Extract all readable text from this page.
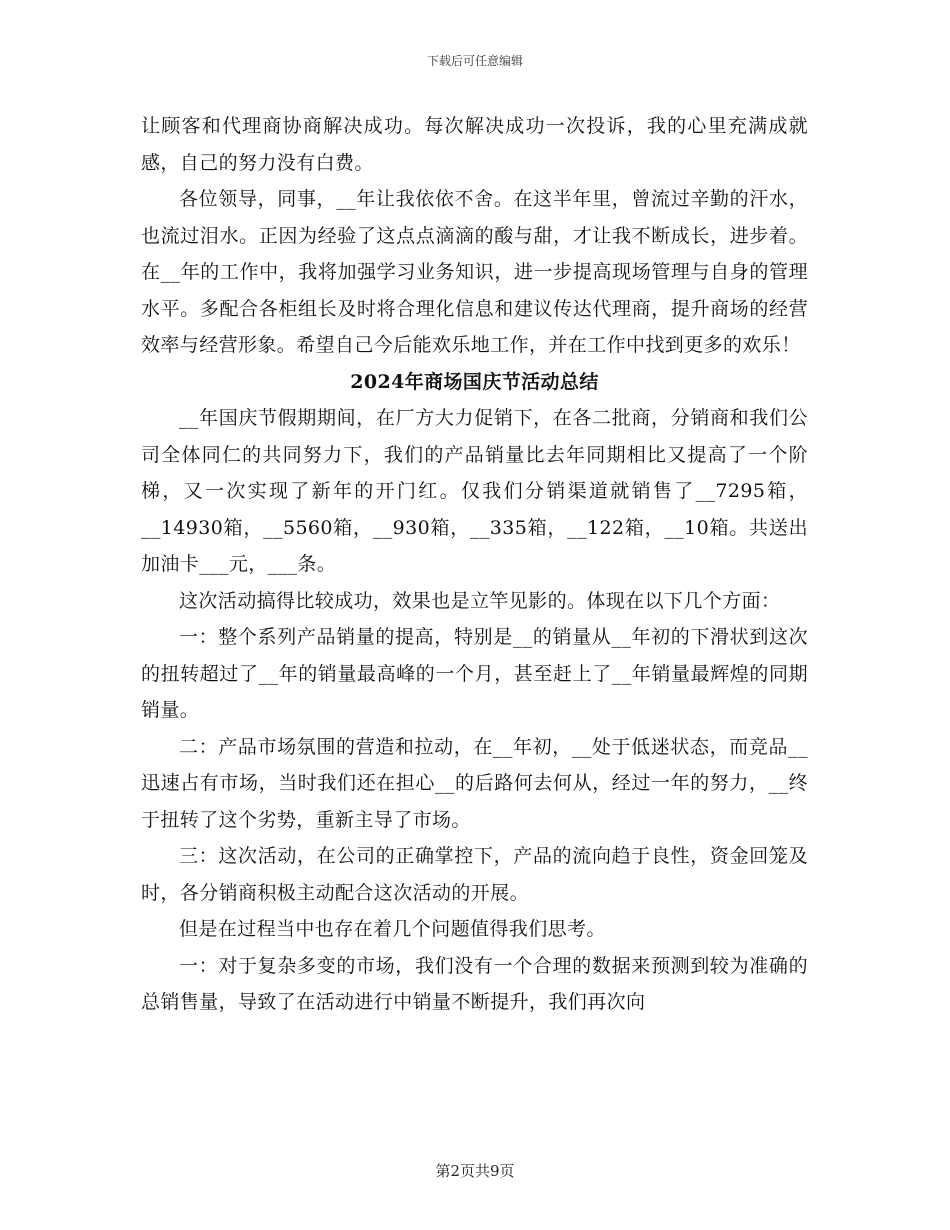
下载后可任意编辑

让顾客和代理商协商解决成功。每次解决成功一次投诉，我的心里充满成就感，自己的努力没有白费。

各位领导，同事，__年让我依依不舍。在这半年里，曾流过辛勤的汗水，也流过泪水。正因为经验了这点点滴滴的酸与甜，才让我不断成长，进步着。在__年的工作中，我将加强学习业务知识，进一步提高现场管理与自身的管理水平。多配合各柜组长及时将合理化信息和建议传达代理商，提升商场的经营效率与经营形象。希望自己今后能欢乐地工作，并在工作中找到更多的欢乐！

2024年商场国庆节活动总结

__年国庆节假期期间，在厂方大力促销下，在各二批商，分销商和我们公司全体同仁的共同努力下，我们的产品销量比去年同期相比又提高了一个阶梯，又一次实现了新年的开门红。仅我们分销渠道就销售了__7295箱，__14930箱，__5560箱，__930箱，__335箱，__122箱，__10箱。共送出加油卡___元，___条。

这次活动搞得比较成功，效果也是立竿见影的。体现在以下几个方面：

一：整个系列产品销量的提高，特别是__的销量从__年初的下滑状到这次的扭转超过了__年的销量最高峰的一个月，甚至赶上了__年销量最辉煌的同期销量。

二：产品市场氛围的营造和拉动，在__年初，__处于低迷状态，而竞品__迅速占有市场，当时我们还在担心__的后路何去何从，经过一年的努力，__终于扭转了这个劣势，重新主导了市场。

三：这次活动，在公司的正确掌控下，产品的流向趋于良性，资金回笼及时，各分销商积极主动配合这次活动的开展。

但是在过程当中也存在着几个问题值得我们思考。

一：对于复杂多变的市场，我们没有一个合理的数据来预测到较为准确的总销售量，导致了在活动进行中销量不断提升，我们再次向

第2页共9页
